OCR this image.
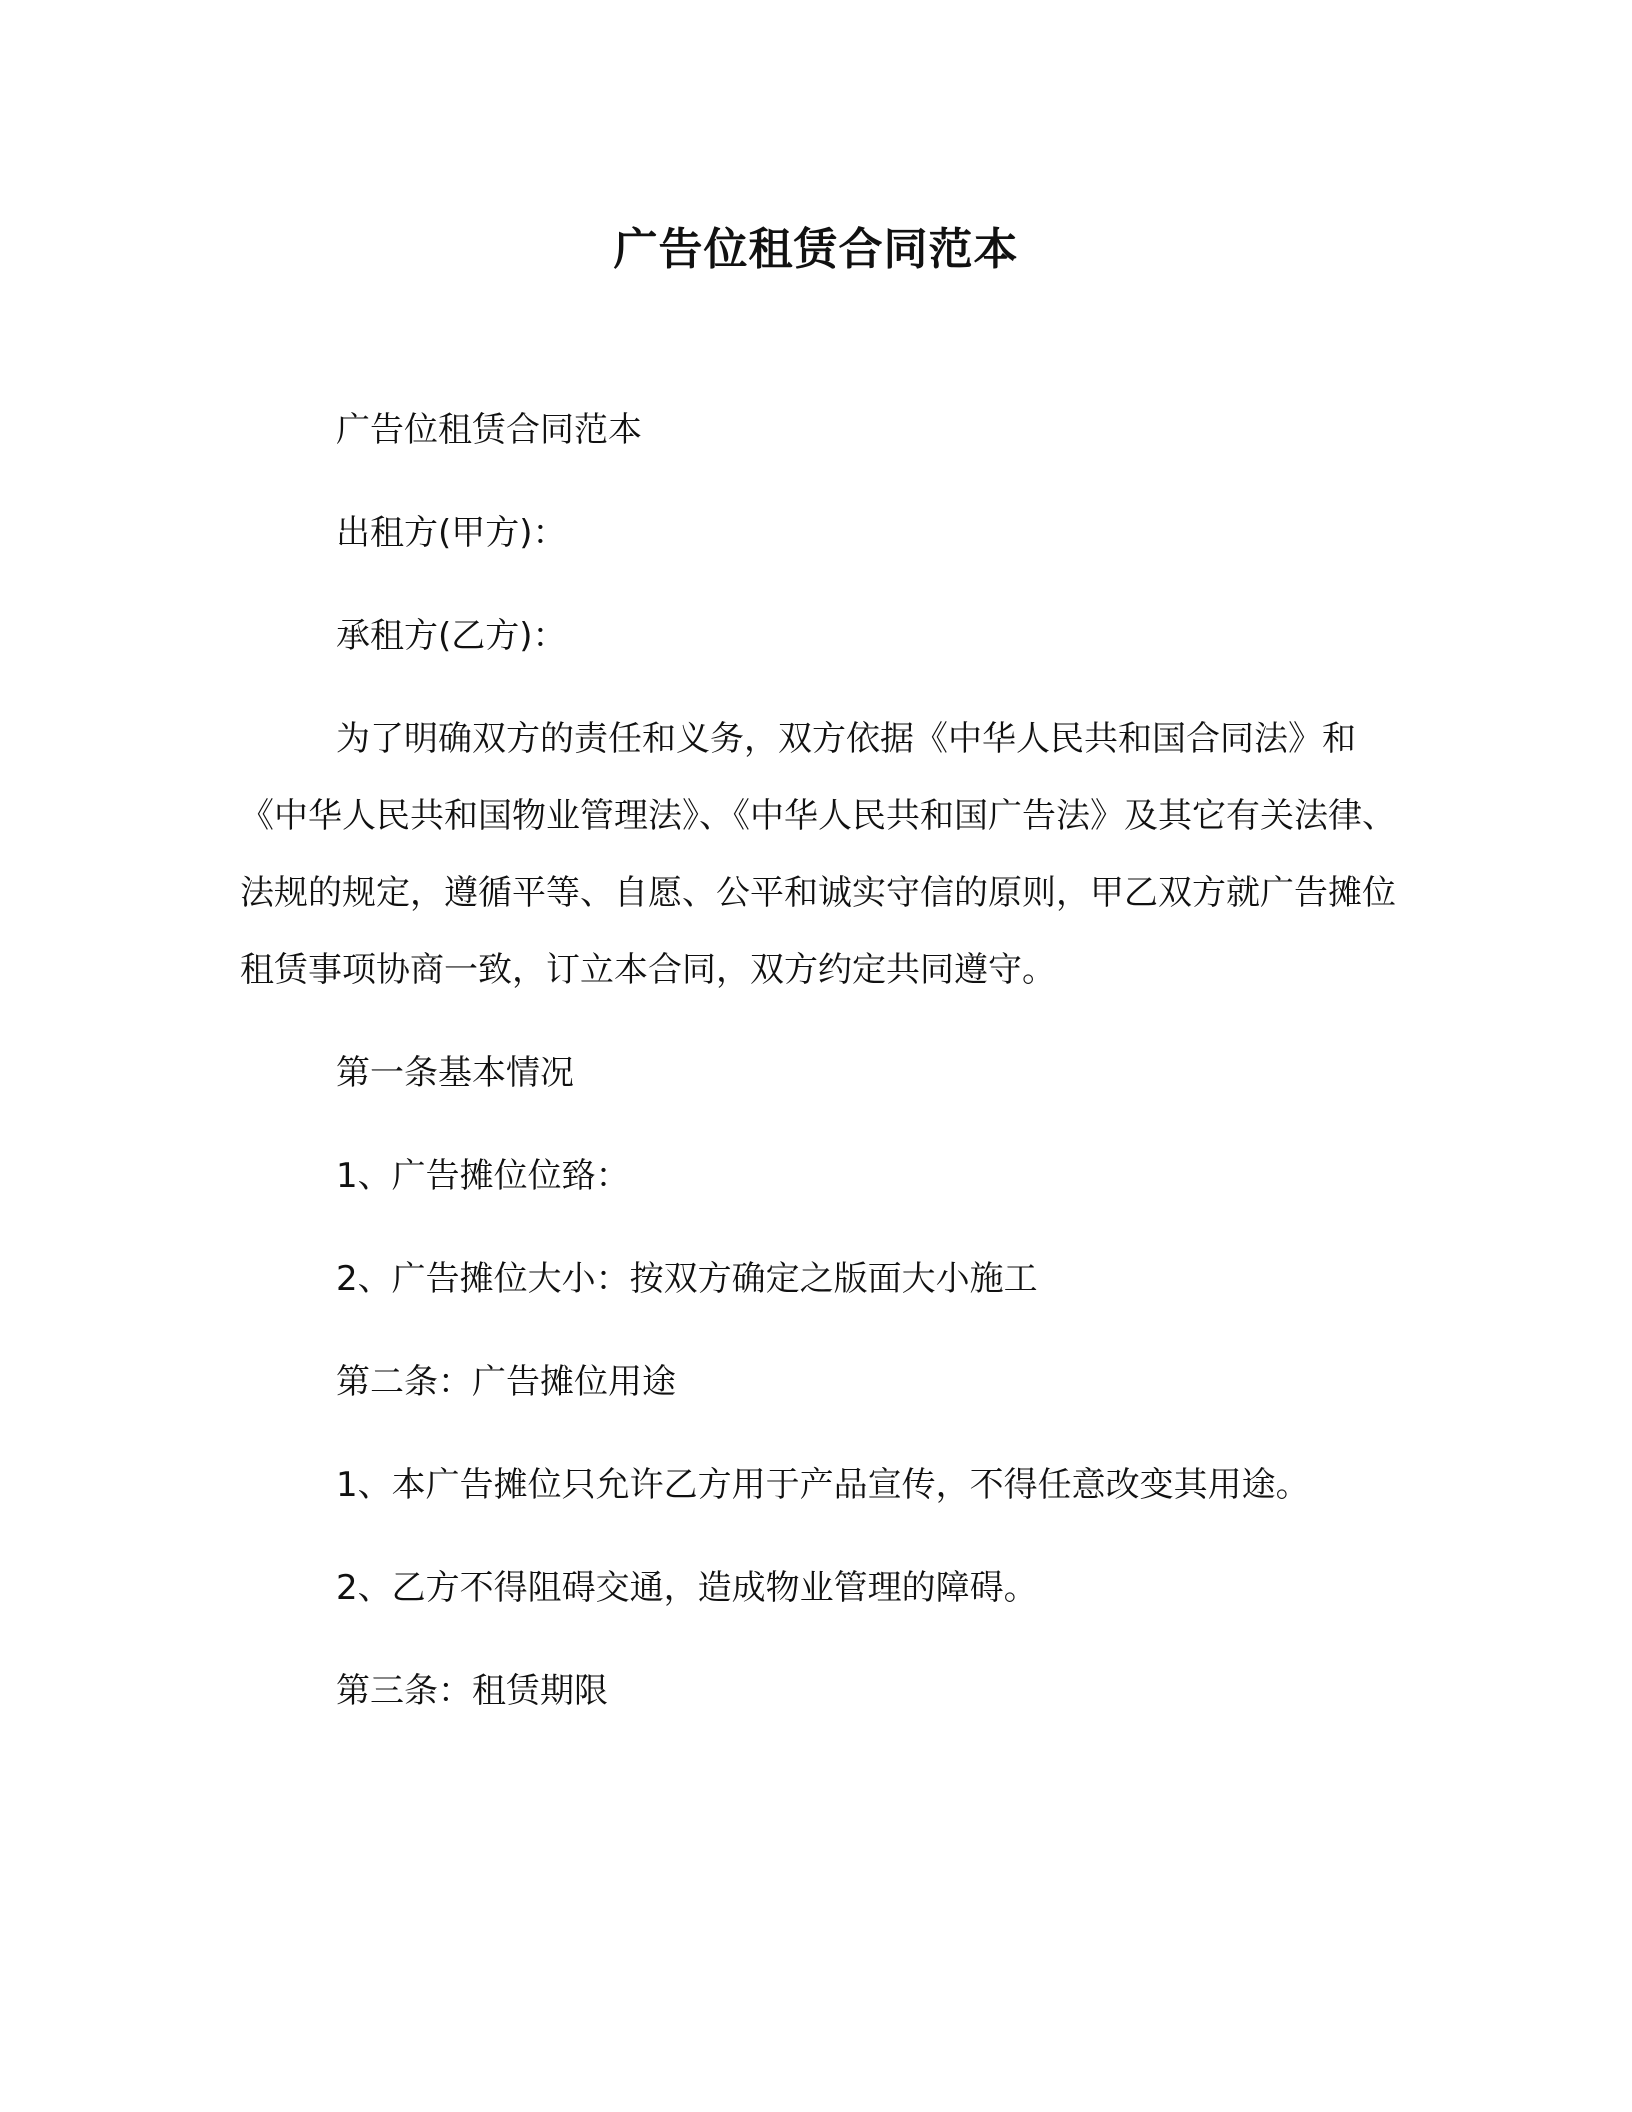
广告位租赁合同范本

广告位租赁合同范本

出租方(甲方)：

承租方(乙方)：

为了明确双方的责任和义务，双方依据《中华人民共和国合同法》和《中华人民共和国物业管理法》、《中华人民共和国广告法》及其它有关法律、法规的规定，遵循平等、自愿、公平和诚实守信的原则，甲乙双方就广告摊位租赁事项协商一致，订立本合同，双方约定共同遵守。

第一条基本情况

1、广告摊位位臵：

2、广告摊位大小：按双方确定之版面大小施工

第二条：广告摊位用途

1、本广告摊位只允许乙方用于产品宣传，不得任意改变其用途。

2、乙方不得阻碍交通，造成物业管理的障碍。

第三条：租赁期限
